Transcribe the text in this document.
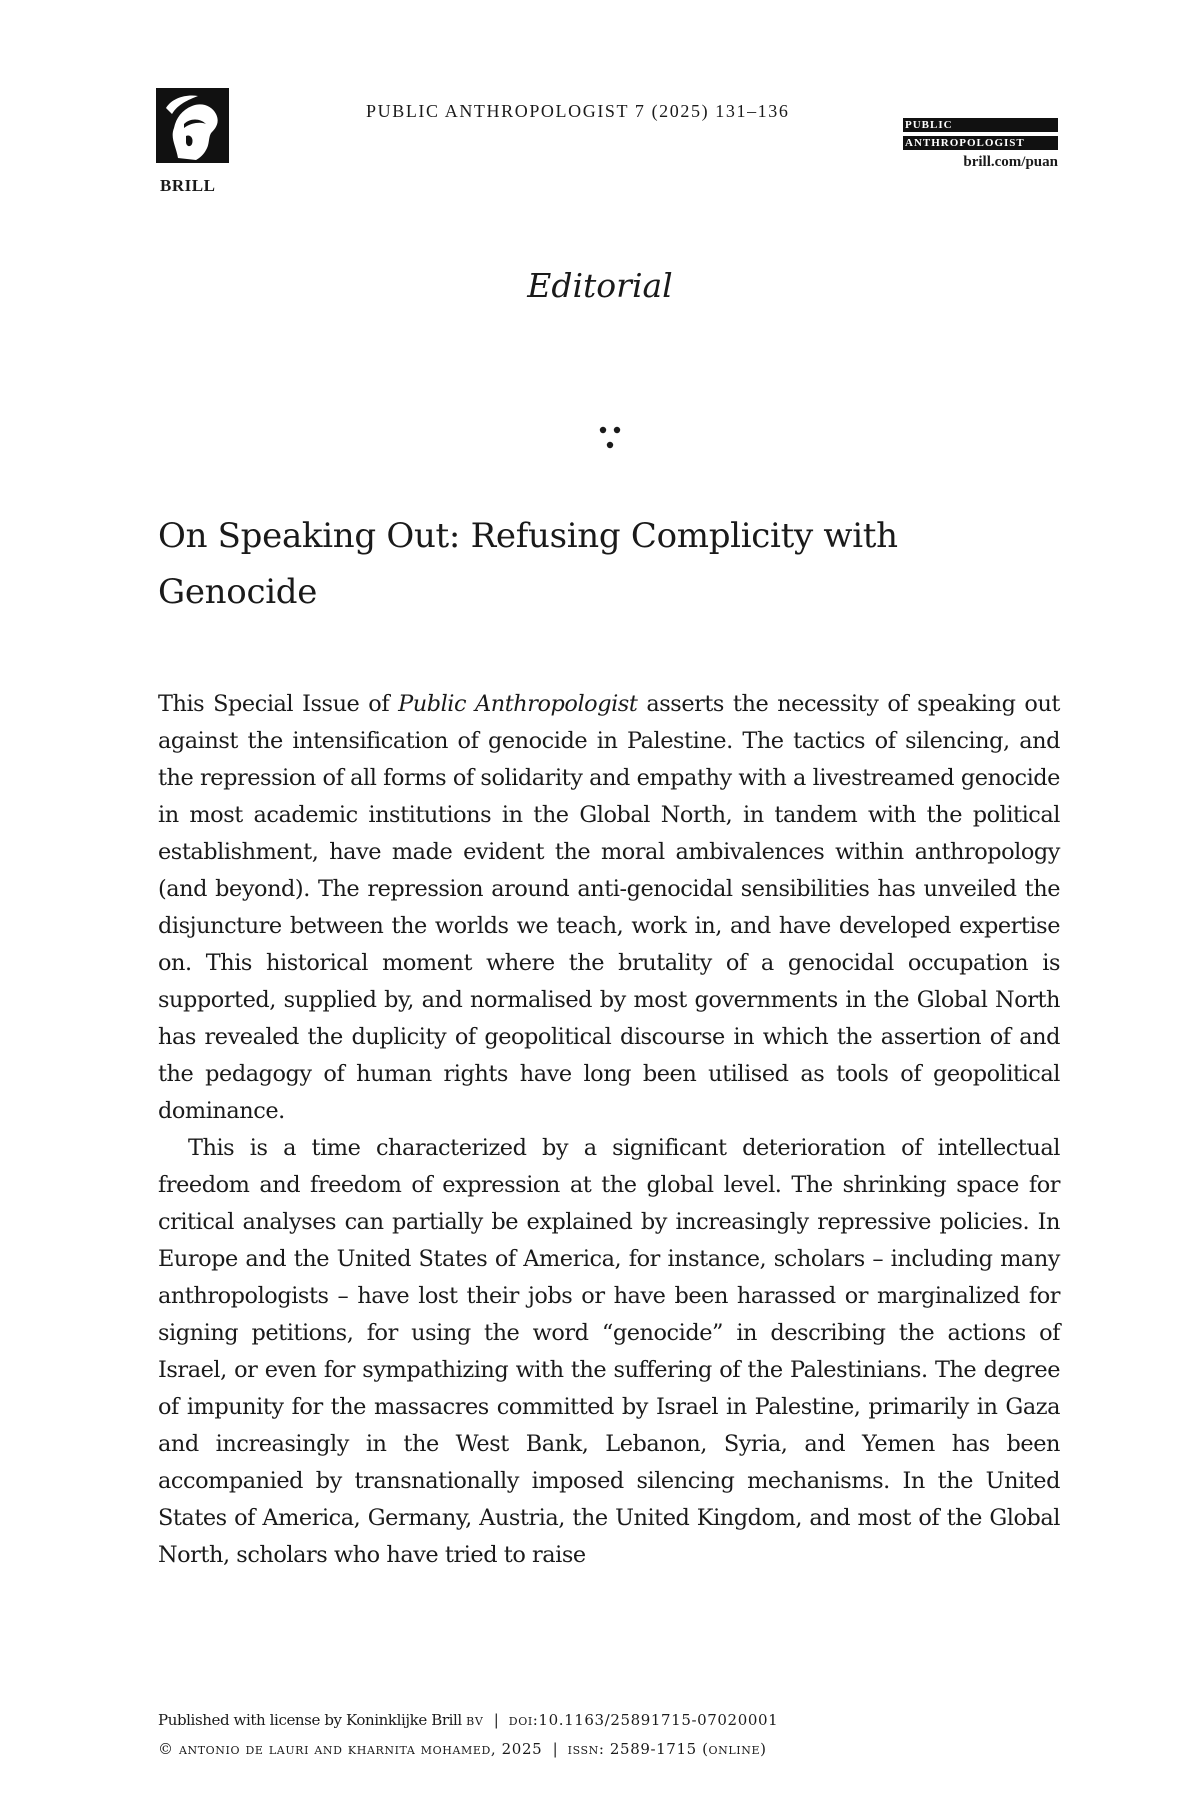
BRILL
PUBLIC ANTHROPOLOGIST 7 (2025) 131–136
PUBLIC
ANTHROPOLOGIST
brill.com/puan
Editorial
On Speaking Out: Refusing Complicity with Genocide

This Special Issue of Public Anthropologist asserts the necessity of speaking out against the intensification of genocide in Palestine. The tactics of silencing, and the repression of all forms of solidarity and empathy with a livestreamed genocide in most academic institutions in the Global North, in tandem with the political establishment, have made evident the moral ambivalences within anthropology (and beyond). The repression around anti-genocidal sensibilities has unveiled the disjuncture between the worlds we teach, work in, and have developed expertise on. This historical moment where the brutality of a genocidal occupation is supported, supplied by, and normalised by most governments in the Global North has revealed the duplicity of geopolitical discourse in which the assertion of and the pedagogy of human rights have long been utilised as tools of geopolitical dominance.

This is a time characterized by a significant deterioration of intellectual freedom and freedom of expression at the global level. The shrinking space for critical analyses can partially be explained by increasingly repressive policies. In Europe and the United States of America, for instance, scholars – including many anthropologists – have lost their jobs or have been harassed or marginalized for signing petitions, for using the word “genocide” in describing the actions of Israel, or even for sympathizing with the suffering of the Palestinians. The degree of impunity for the massacres committed by Israel in Palestine, primarily in Gaza and increasingly in the West Bank, Lebanon, Syria, and Yemen has been accompanied by transnationally imposed silencing mechanisms. In the United States of America, Germany, Austria, the United Kingdom, and most of the Global North, scholars who have tried to raise

Published with license by Koninklijke Brill bv | doi:10.1163/25891715-07020001
© antonio de lauri and kharnita mohamed, 2025 | issn: 2589-1715 (online)
